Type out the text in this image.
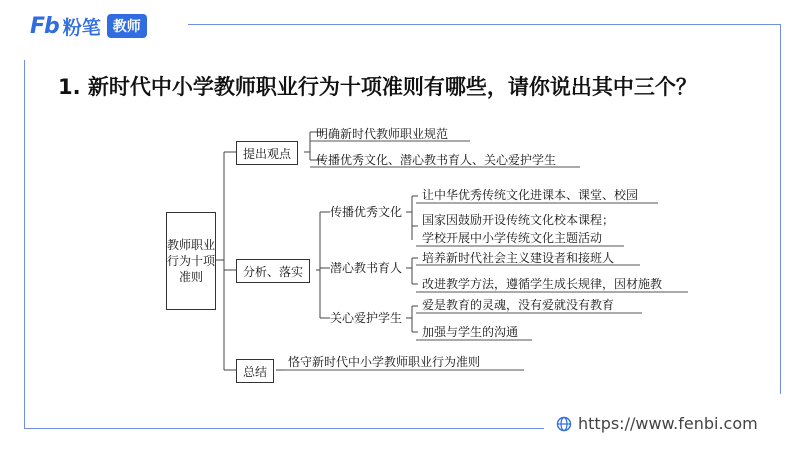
Fb 粉笔 教师
1. 新时代中小学教师职业行为十项准则有哪些，请你说出其中三个？
教师职业行为十项准则
提出观点
分析、落实
总结
明确新时代教师职业规范
传播优秀文化、潜心教书育人、关心爱护学生
传播优秀文化
潜心教书育人
关心爱护学生
让中华优秀传统文化进课本、课堂、校园
国家因鼓励开设传统文化校本课程；
学校开展中小学传统文化主题活动
培养新时代社会主义建设者和接班人
改进教学方法，遵循学生成长规律，因材施教
爱是教育的灵魂，没有爱就没有教育
加强与学生的沟通
恪守新时代中小学教师职业行为准则
https://www.fenbi.com
